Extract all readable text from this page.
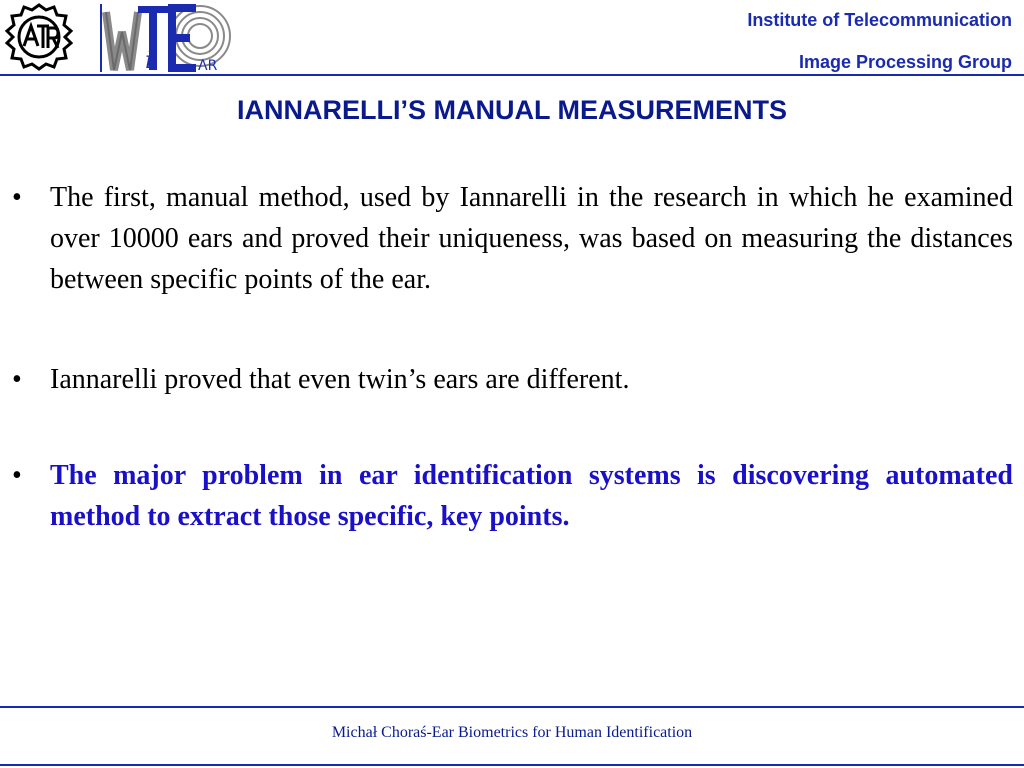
i	ΛR
Institute of Telecommunication
Image Processing Group
IANNARELLI’S MANUAL MEASUREMENTS
• The first, manual method, used by Iannarelli in the research in which he examined over 10000 ears and proved their uniqueness, was based on measuring the distances between specific points of the ear.
• Iannarelli proved that even twin’s ears are different.
• The major problem in ear identification systems is discovering automated method to extract those specific, key points.
Michał Choraś-Ear Biometrics for Human Identification
